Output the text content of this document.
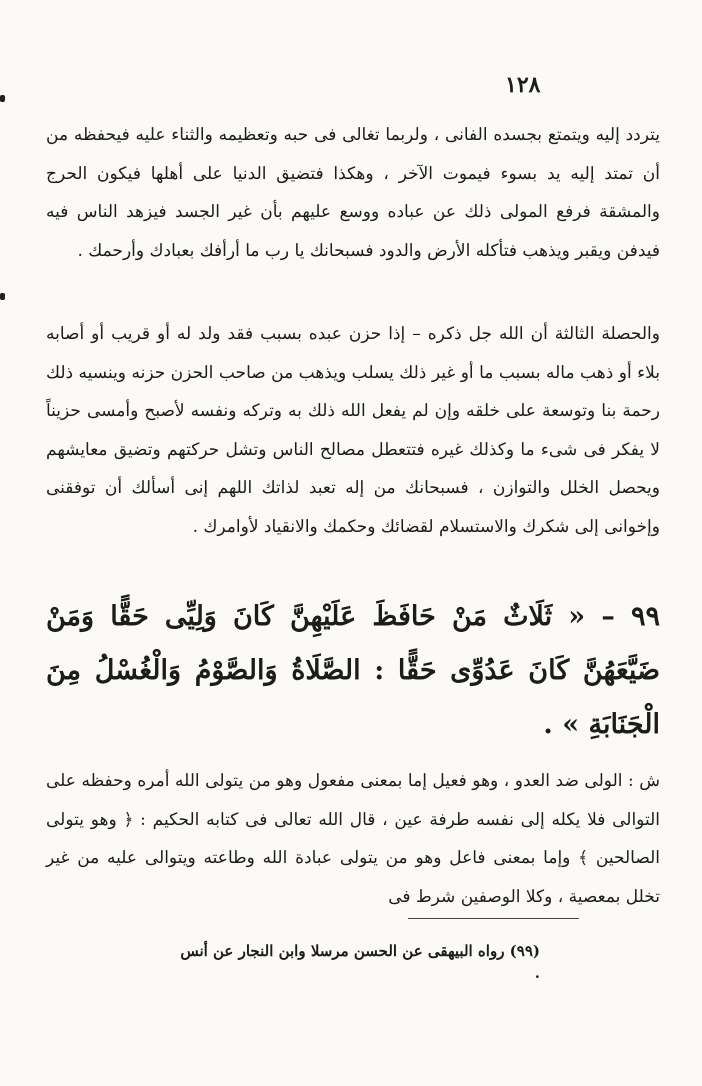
١٢٨

يتردد إليه ويتمتع بجسده الفانى ، ولربما تغالى فى حبه وتعظيمه والثناء عليه فيحفظه من أن تمتد إليه يد بسوء فيموت الآخر ، وهكذا فتضيق الدنيا على أهلها فيكون الحرج والمشقة فرفع المولى ذلك عن عباده ووسع عليهم بأن غير الجسد فيزهد الناس فيه فيدفن ويقبر ويذهب فتأكله الأرض والدود فسبحانك يا رب ما أرأفك بعبادك وأرحمك .

والحصلة الثالثة أن الله جل ذكره – إذا حزن عبده بسبب فقد ولد له أو قريب أو أصابه بلاء أو ذهب ماله بسبب ما أو غير ذلك يسلب ويذهب من صاحب الحزن حزنه وينسيه ذلك رحمة بنا وتوسعة على خلقه وإن لم يفعل الله ذلك به وتركه ونفسه لأصبح وأمسى حزيناً لا يفكر فى شىء ما وكذلك غيره فتتعطل مصالح الناس وتشل حركتهم وتضيق معايشهم ويحصل الخلل والتوازن ، فسبحانك من إله تعبد لذاتك اللهم إنى أسألك أن توفقنى وإخوانى إلى شكرك والاستسلام لقضائك وحكمك والانقياد لأوامرك .

٩٩ – « ثَلَاثٌ مَنْ حَافَظَ عَلَيْهِنَّ كَانَ وَلِيِّى حَقًّا وَمَنْ ضَيَّعَهُنَّ كَانَ عَدُوِّى حَقًّا : الصَّلَاةُ وَالصَّوْمُ وَالْغُسْلُ مِنَ الْجَنَابَةِ » .

ش : الولى ضد العدو ، وهو فعيل إما بمعنى مفعول وهو من يتولى الله أمره وحفظه على التوالى فلا يكله إلى نفسه طرفة عين ، قال الله تعالى فى كتابه الحكيم : ﴿ وهو يتولى الصالحين ﴾ وإما بمعنى فاعل وهو من يتولى عبادة الله وطاعته ويتوالى عليه من غير تخلل بمعصية ، وكلا الوصفين شرط فى

(٩٩) رواه البيهقى عن الحسن مرسلا وابن النجار عن أنس .
